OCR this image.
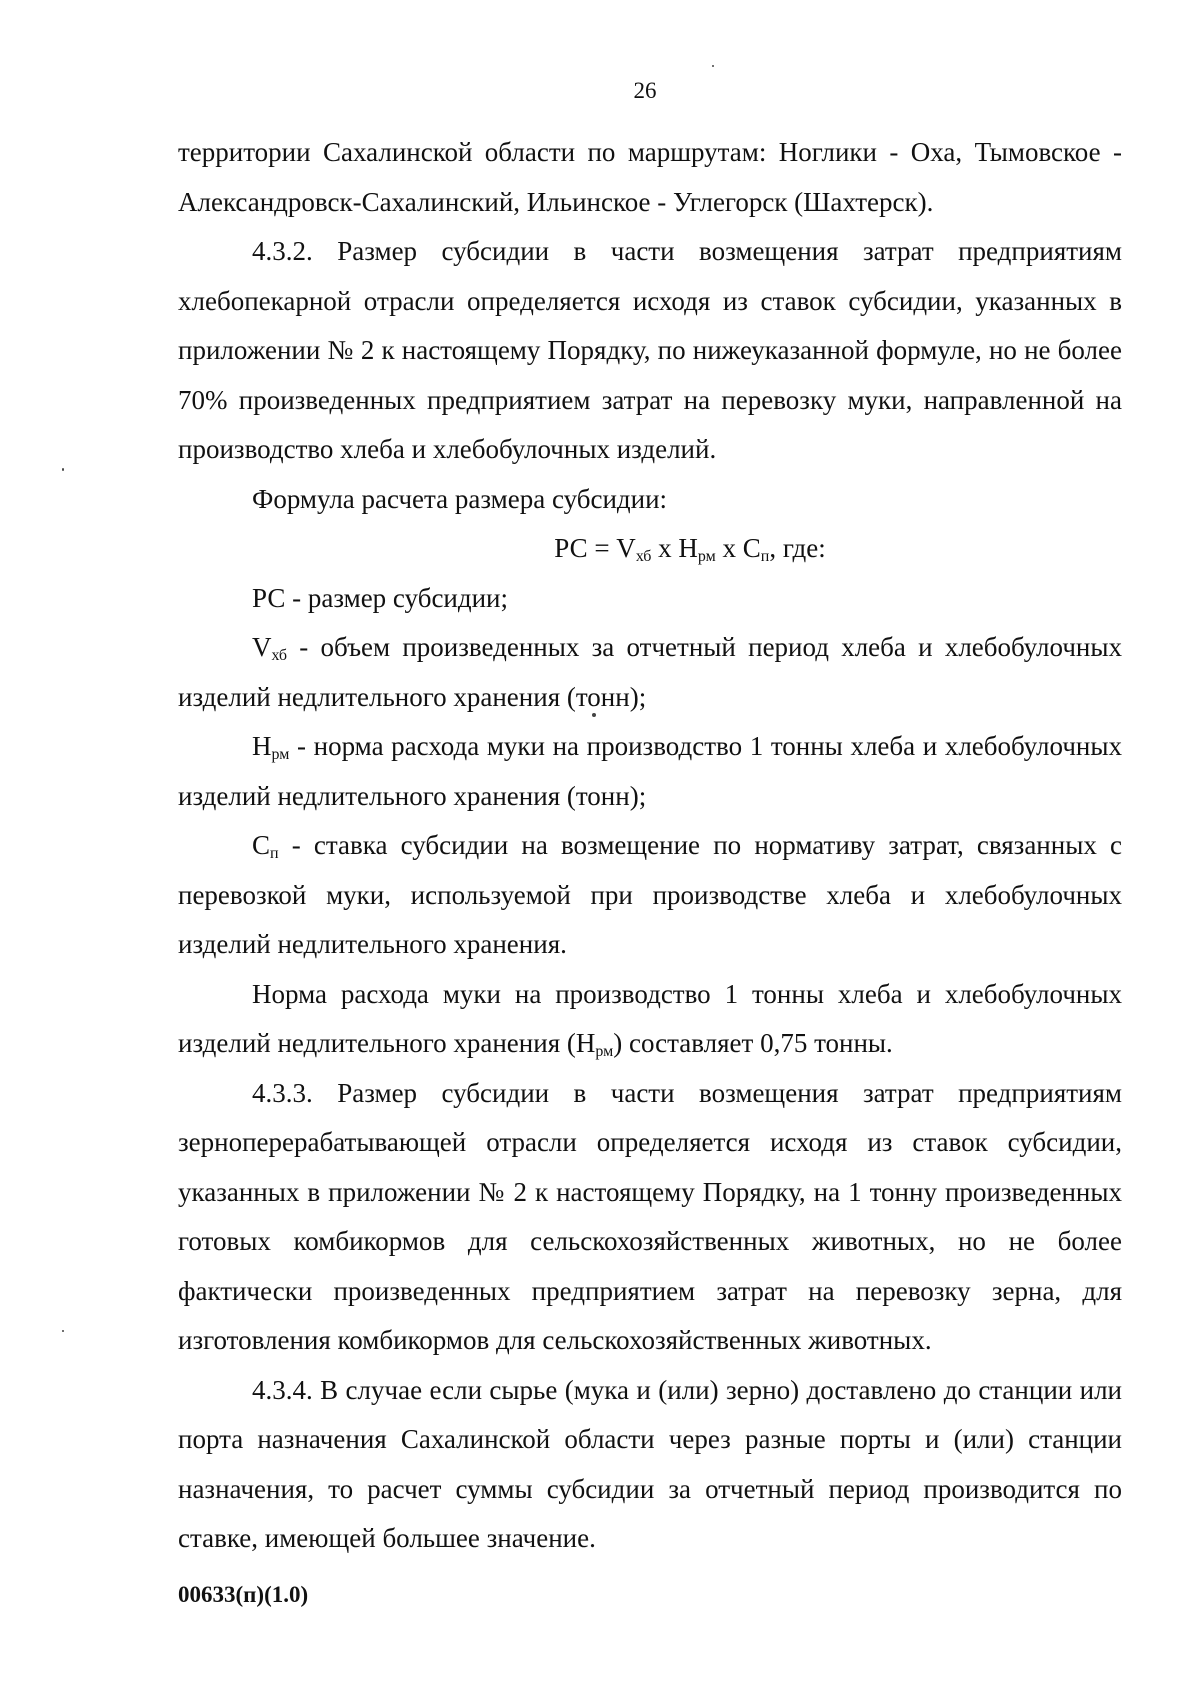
26

территории Сахалинской области по маршрутам: Ноглики - Оха, Тымовское - Александровск-Сахалинский, Ильинское - Углегорск (Шахтерск).

4.3.2. Размер субсидии в части возмещения затрат предприятиям хлебопекарной отрасли определяется исходя из ставок субсидии, указанных в приложении № 2 к настоящему Порядку, по нижеуказанной формуле, но не более 70% произведенных предприятием затрат на перевозку муки, направленной на производство хлеба и хлебобулочных изделий.

Формула расчета размера субсидии:

РС = $V_{хб}$ х $Н_{рм}$ х $С_п$, где:

РС - размер субсидии;

$V_{хб}$ - объем произведенных за отчетный период хлеба и хлебобулочных изделий недлительного хранения (тонн);

$Н_{рм}$ - норма расхода муки на производство 1 тонны хлеба и хлебобулочных изделий недлительного хранения (тонн);

$С_п$ - ставка субсидии на возмещение по нормативу затрат, связанных с перевозкой муки, используемой при производстве хлеба и хлебобулочных изделий недлительного хранения.

Норма расхода муки на производство 1 тонны хлеба и хлебобулочных изделий недлительного хранения $(Н_{рм})$ составляет 0,75 тонны.

4.3.3. Размер субсидии в части возмещения затрат предприятиям зерноперерабатывающей отрасли определяется исходя из ставок субсидии, указанных в приложении № 2 к настоящему Порядку, на 1 тонну произведенных готовых комбикормов для сельскохозяйственных животных, но не более фактически произведенных предприятием затрат на перевозку зерна, для изготовления комбикормов для сельскохозяйственных животных.

4.3.4. В случае если сырье (мука и (или) зерно) доставлено до станции или порта назначения Сахалинской области через разные порты и (или) станции назначения, то расчет суммы субсидии за отчетный период производится по ставке, имеющей большее значение.

00633(п)(1.0)
